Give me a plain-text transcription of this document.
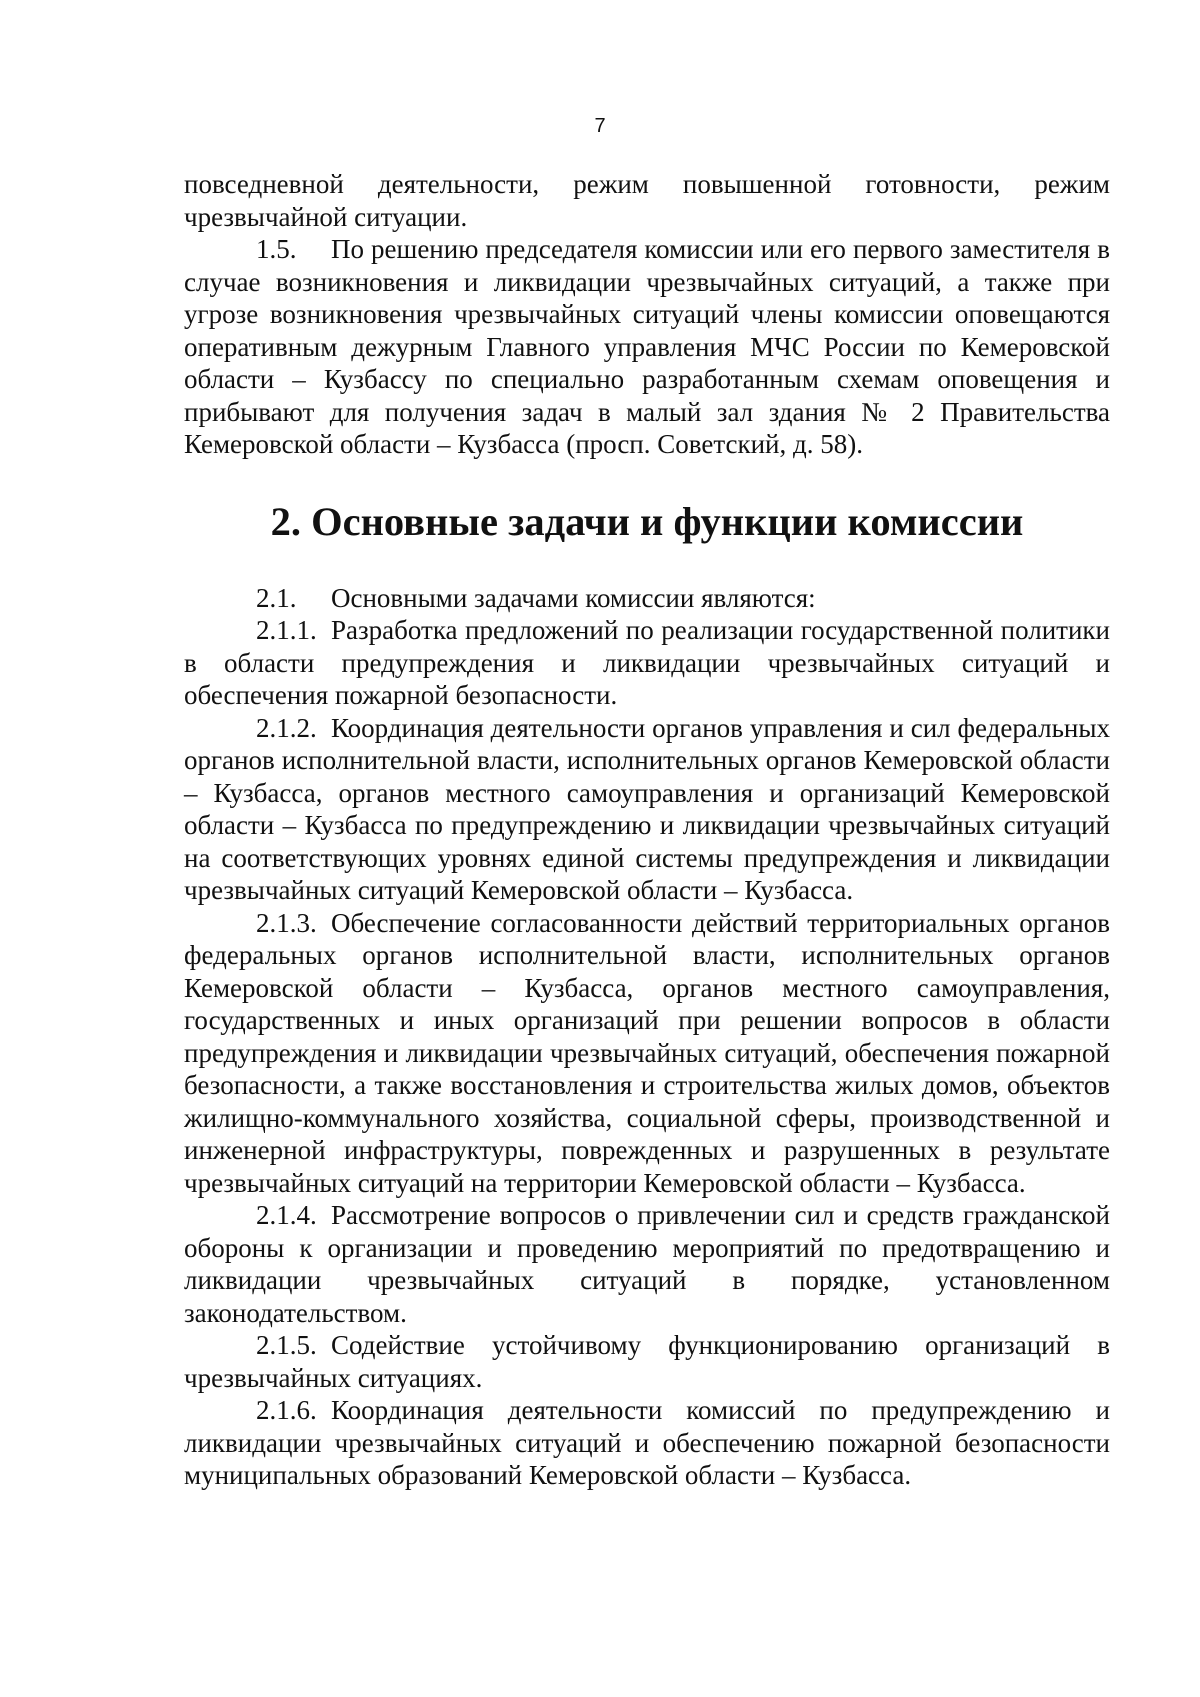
7

повседневной деятельности, режим повышенной готовности, режим чрезвычайной ситуации.

1.5. По решению председателя комиссии или его первого заместителя в случае возникновения и ликвидации чрезвычайных ситуаций, а также при угрозе возникновения чрезвычайных ситуаций члены комиссии оповещаются оперативным дежурным Главного управления МЧС России по Кемеровской области – Кузбассу по специально разработанным схемам оповещения и прибывают для получения задач в малый зал здания № 2 Правительства Кемеровской области – Кузбасса (просп. Советский, д. 58).

2. Основные задачи и функции комиссии

2.1. Основными задачами комиссии являются:

2.1.1. Разработка предложений по реализации государственной политики в области предупреждения и ликвидации чрезвычайных ситуаций и обеспечения пожарной безопасности.

2.1.2. Координация деятельности органов управления и сил федеральных органов исполнительной власти, исполнительных органов Кемеровской области – Кузбасса, органов местного самоуправления и организаций Кемеровской области – Кузбасса по предупреждению и ликвидации чрезвычайных ситуаций на соответствующих уровнях единой системы предупреждения и ликвидации чрезвычайных ситуаций Кемеровской области – Кузбасса.

2.1.3. Обеспечение согласованности действий территориальных органов федеральных органов исполнительной власти, исполнительных органов Кемеровской области – Кузбасса, органов местного самоуправления, государственных и иных организаций при решении вопросов в области предупреждения и ликвидации чрезвычайных ситуаций, обеспечения пожарной безопасности, а также восстановления и строительства жилых домов, объектов жилищно-коммунального хозяйства, социальной сферы, производственной и инженерной инфраструктуры, поврежденных и разрушенных в результате чрезвычайных ситуаций на территории Кемеровской области – Кузбасса.

2.1.4. Рассмотрение вопросов о привлечении сил и средств гражданской обороны к организации и проведению мероприятий по предотвращению и ликвидации чрезвычайных ситуаций в порядке, установленном законодательством.

2.1.5. Содействие устойчивому функционированию организаций в чрезвычайных ситуациях.

2.1.6. Координация деятельности комиссий по предупреждению и ликвидации чрезвычайных ситуаций и обеспечению пожарной безопасности муниципальных образований Кемеровской области – Кузбасса.
